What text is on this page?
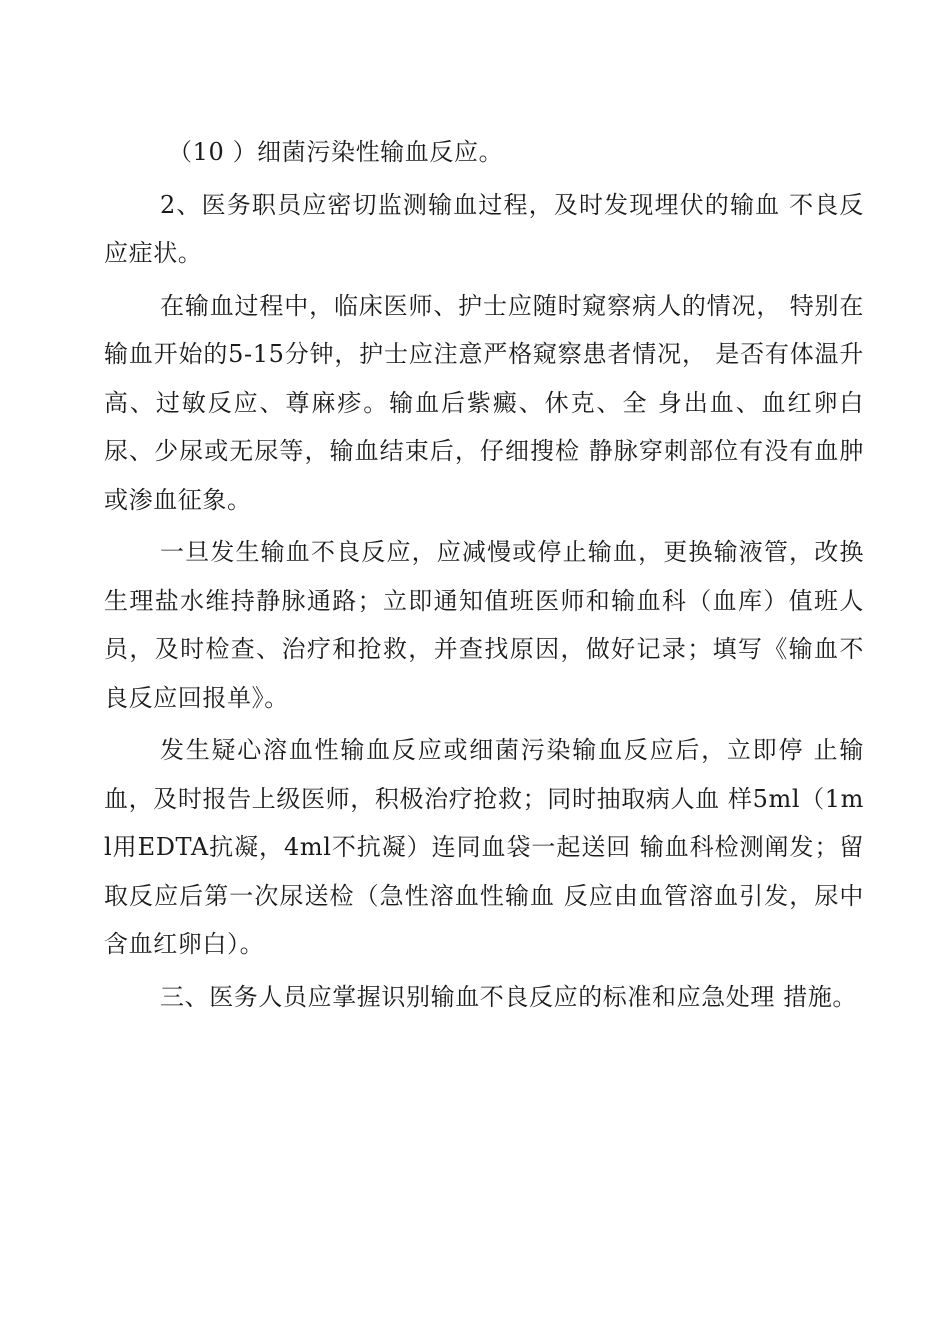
（10 ）细菌污染性输血反应。

2、医务职员应密切监测输血过程，及时发现埋伏的输血 不良反应症状。

在输血过程中，临床医师、护士应随时窥察病人的情况， 特别在输血开始的5-15分钟，护士应注意严格窥察患者情况， 是否有体温升高、过敏反应、尊麻疹。输血后紫癜、休克、全 身出血、血红卵白尿、少尿或无尿等，输血结束后，仔细搜检 静脉穿刺部位有没有血肿或渗血征象。

一旦发生输血不良反应，应减慢或停止输血，更换输液管，改换生理盐水维持静脉通路；立即通知值班医师和输血科（血库）值班人员，及时检查、治疗和抢救，并查找原因，做好记录；填写《输血不良反应回报单》。

发生疑心溶血性输血反应或细菌污染输血反应后，立即停 止输血，及时报告上级医师，积极治疗抢救；同时抽取病人血 样5ml（1ml用EDTA抗凝，4ml不抗凝）连同血袋一起送回 输血科检测阐发；留取反应后第一次尿送检（急性溶血性输血 反应由血管溶血引发，尿中含血红卵白）。

三、医务人员应掌握识别输血不良反应的标准和应急处理 措施。
